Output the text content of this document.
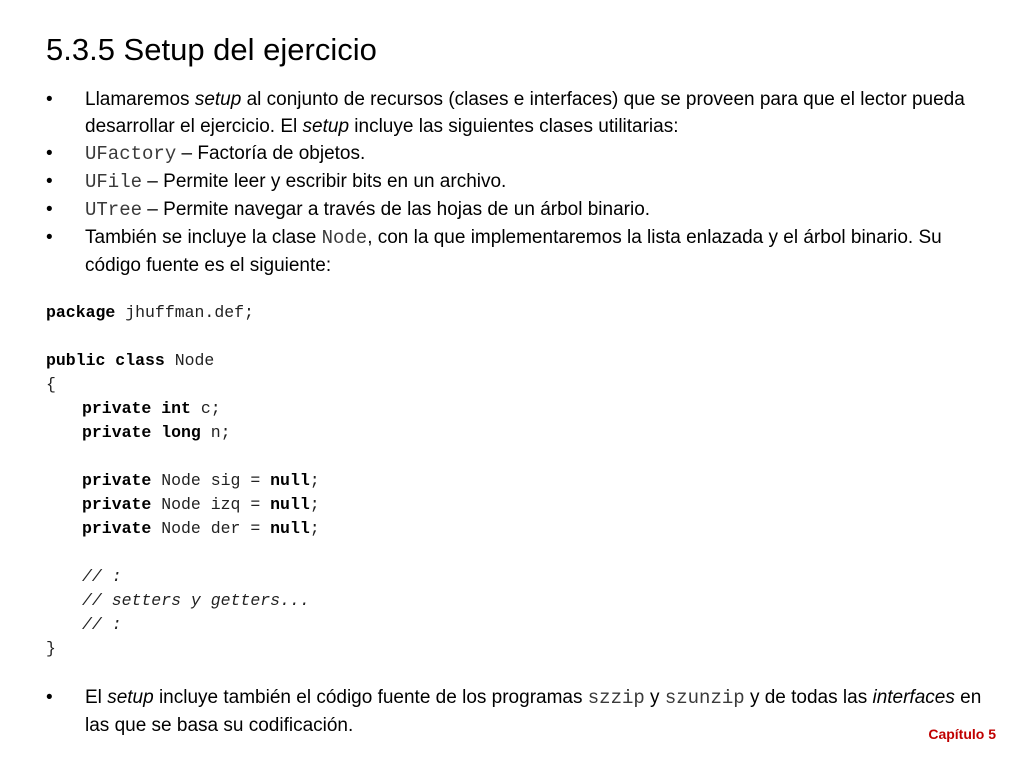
5.3.5 Setup del ejercicio
•	Llamaremos setup al conjunto de recursos (clases e interfaces) que se proveen para que el lector pueda desarrollar el ejercicio. El setup incluye las siguientes clases utilitarias:
•	UFactory – Factoría de objetos.
•	UFile – Permite leer y escribir bits en un archivo.
•	UTree – Permite navegar a través de las hojas de un árbol binario.
•	También se incluye la clase Node, con la que implementaremos la lista enlazada y el árbol binario. Su código fuente es el siguiente:
package jhuffman.def;
public class Node
{
private int c;
private long n;
private Node sig = null;
private Node izq = null;
private Node der = null;
// :
// setters y getters...
// :
}
•	El setup incluye también el código fuente de los programas szzip y szunzip y de todas las interfaces en las que se basa su codificación.	Capítulo 5
